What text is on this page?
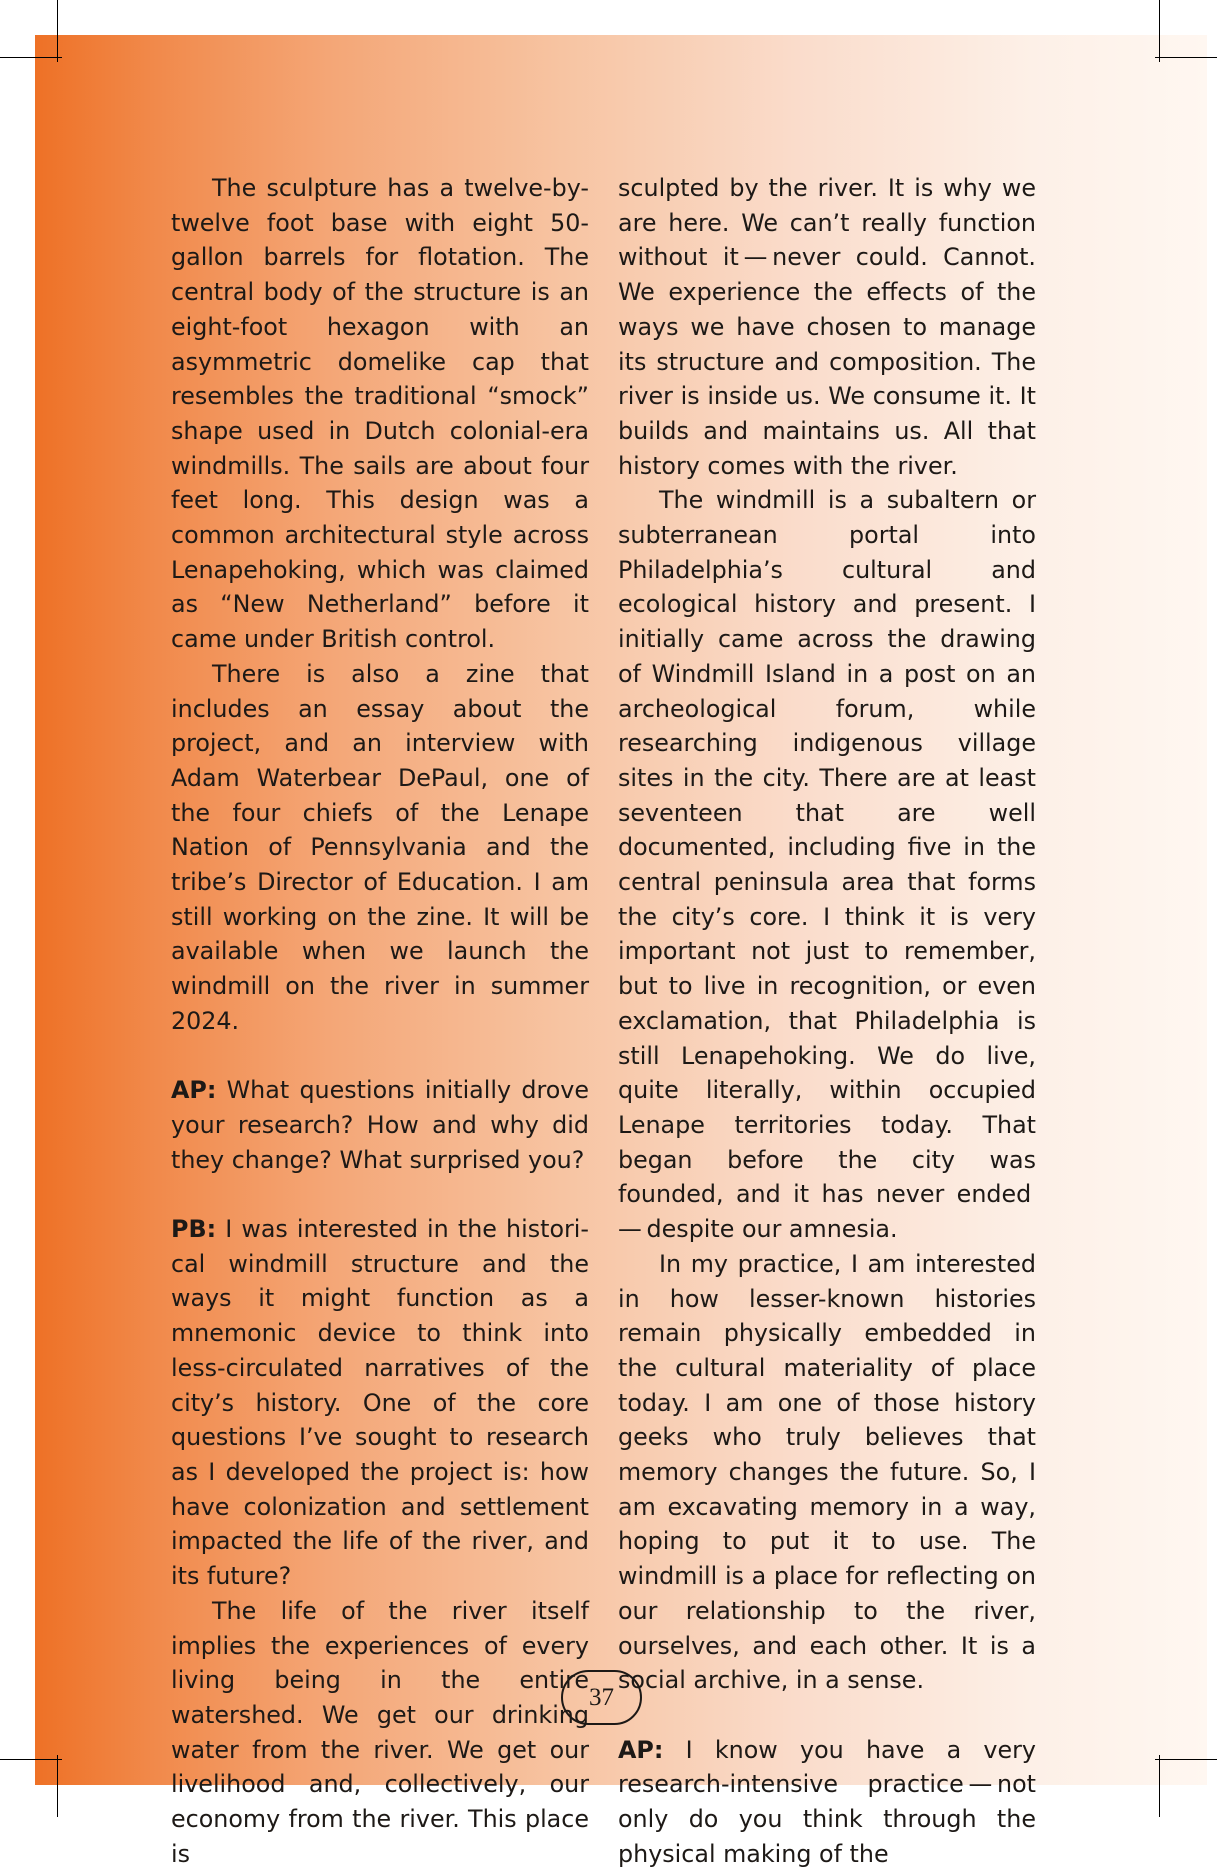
The sculpture has a twelve-by-twelve foot base with eight 50-gallon barrels for flotation. The central body of the structure is an eight-foot hexagon with an asymmetric domelike cap that resembles the traditional “smock” shape used in Dutch colonial-era windmills. The sails are about four feet long. This design was a common architectural style across Lenapehoking, which was claimed as “New Netherland” before it came under British control.

There is also a zine that includes an essay about the project, and an interview with Adam Waterbear DePaul, one of the four chiefs of the Lenape Nation of Pennsylvania and the tribe’s Director of Education. I am still working on the zine. It will be available when we launch the windmill on the river in summer 2024.

AP: What questions initially drove your research? How and why did they change? What surprised you?

PB: I was interested in the historical windmill structure and the ways it might function as a mnemonic device to think into less-circulated narratives of the city’s history. One of the core questions I’ve sought to research as I developed the project is: how have colonization and settlement impacted the life of the river, and its future?

The life of the river itself implies the experiences of every living being in the entire watershed. We get our drinking water from the river. We get our livelihood and, collectively, our economy from the river. This place is

sculpted by the river. It is why we are here. We can’t really function without it — never could. Cannot. We experience the effects of the ways we have chosen to manage its structure and composition. The river is inside us. We consume it. It builds and maintains us. All that history comes with the river.

The windmill is a subaltern or subterranean portal into Philadelphia’s cultural and ecological history and present. I initially came across the drawing of Windmill Island in a post on an archeological forum, while researching indigenous village sites in the city. There are at least seventeen that are well documented, including five in the central peninsula area that forms the city’s core. I think it is very important not just to remember, but to live in recognition, or even exclamation, that Philadelphia is still Lenapehoking. We do live, quite literally, within occupied Lenape territories today. That began before the city was founded, and it has never ended — despite our amnesia.

In my practice, I am interested in how lesser-known histories remain physically embedded in the cultural materiality of place today. I am one of those history geeks who truly believes that memory changes the future. So, I am excavating memory in a way, hoping to put it to use. The windmill is a place for reflecting on our relationship to the river, ourselves, and each other. It is a social archive, in a sense.

AP: I know you have a very research-intensive practice — not only do you think through the physical making of the

37
